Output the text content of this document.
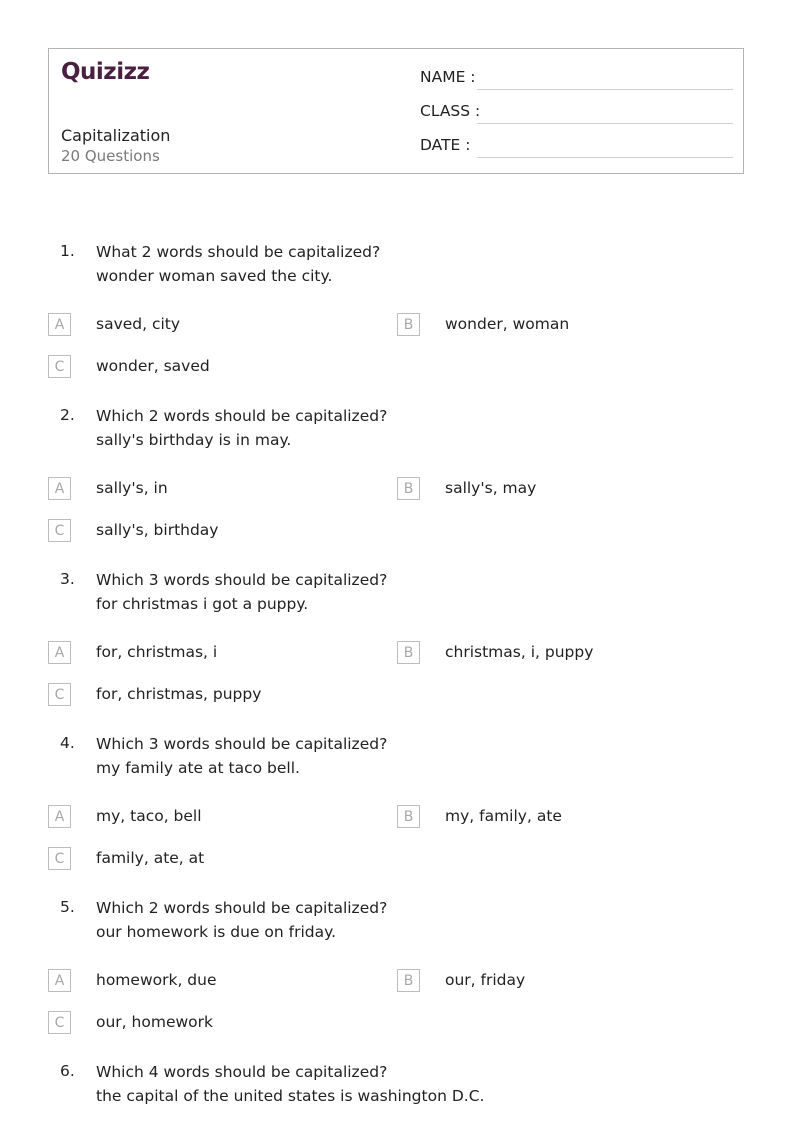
Quizizz
Capitalization
20 Questions
NAME :
CLASS :
DATE :
1. What 2 words should be capitalized?
wonder woman saved the city.
A	saved, city	B	wonder, woman
C	wonder, saved
2. Which 2 words should be capitalized?
sally's birthday is in may.
A	sally's, in	B	sally's, may
C	sally's, birthday
3. Which 3 words should be capitalized?
for christmas i got a puppy.
A	for, christmas, i	B	christmas, i, puppy
C	for, christmas, puppy
4. Which 3 words should be capitalized?
my family ate at taco bell.
A	my, taco, bell	B	my, family, ate
C	family, ate, at
5. Which 2 words should be capitalized?
our homework is due on friday.
A	homework, due	B	our, friday
C	our, homework
6. Which 4 words should be capitalized?
the capital of the united states is washington D.C.
